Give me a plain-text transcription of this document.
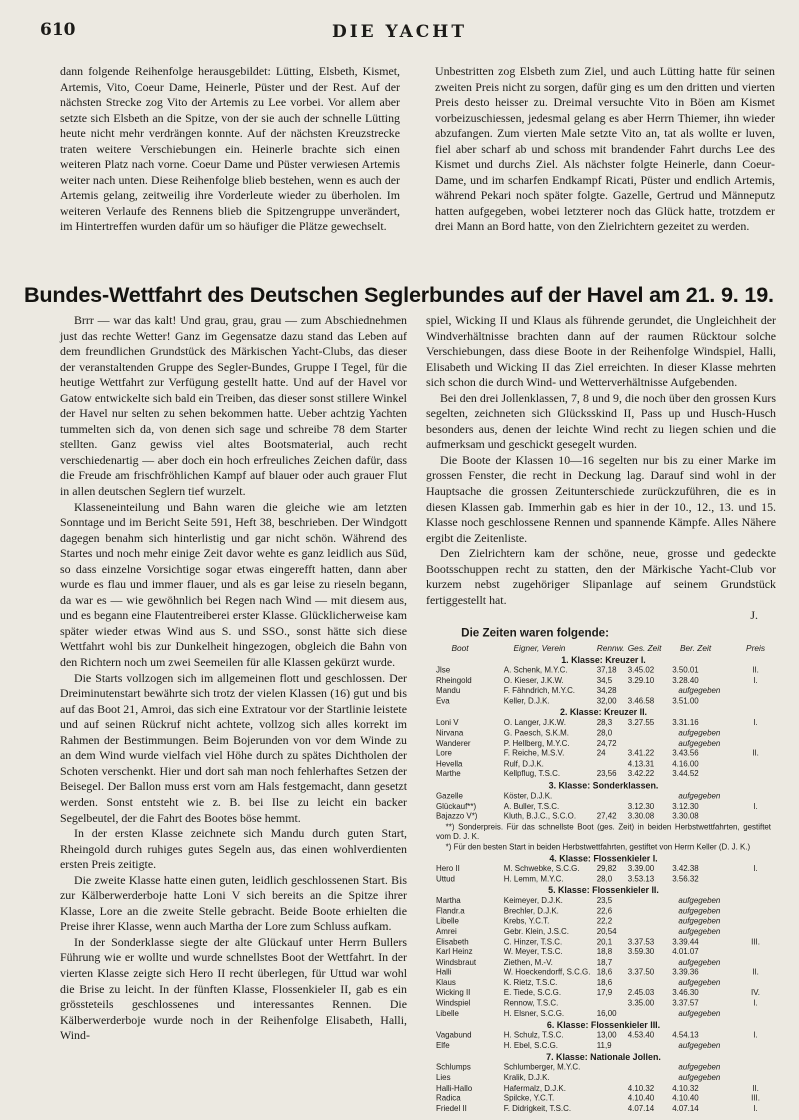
610	DIE YACHT

dann folgende Reihenfolge herausgebildet: Lütting, Elsbeth, Kismet, Artemis, Vito, Coeur Dame, Heinerle, Püster und der Rest. Auf der nächsten Strecke zog Vito der Artemis zu Lee vorbei. Vor allem aber setzte sich Elsbeth an die Spitze, von der sie auch der schnelle Lütting heute nicht mehr verdrängen konnte. Auf der nächsten Kreuzstrecke traten weitere Verschiebungen ein. Heinerle brachte sich einen weiteren Platz nach vorne. Coeur Dame und Püster verwiesen Artemis weiter nach unten. Diese Reihenfolge blieb bestehen, wenn es auch der Artemis gelang, zeitweilig ihre Vorderleute wieder zu überholen. Im weiteren Verlaufe des Rennens blieb die Spitzengruppe unverändert, im Hintertreffen wurden dafür um so häufiger die Plätze gewechselt.

Unbestritten zog Elsbeth zum Ziel, und auch Lütting hatte für seinen zweiten Preis nicht zu sorgen, dafür ging es um den dritten und vierten Preis desto heisser zu. Dreimal versuchte Vito in Böen am Kismet vorbeizuschiessen, jedesmal gelang es aber Herrn Thiemer, ihn wieder abzufangen. Zum vierten Male setzte Vito an, tat als wollte er luven, fiel aber scharf ab und schoss mit brandender Fahrt durchs Lee des Kismet und durchs Ziel. Als nächster folgte Heinerle, dann Coeur-Dame, und im scharfen Endkampf Ricati, Püster und endlich Artemis, während Pekari noch später folgte. Gazelle, Gertrud und Männeputz hatten aufgegeben, wobei letzterer noch das Glück hatte, trotzdem er drei Mann an Bord hatte, von den Zielrichtern gezeitet zu werden.

Bundes-Wettfahrt des Deutschen Seglerbundes auf der Havel am 21. 9. 19.

Brrr — war das kalt! Und grau, grau, grau — zum Abschiednehmen just das rechte Wetter! Ganz im Gegensatze dazu stand das Leben auf dem freundlichen Grundstück des Märkischen Yacht-Clubs, das dieser der veranstaltenden Gruppe des Segler-Bundes, Gruppe I Tegel, für die heutige Wettfahrt zur Verfügung gestellt hatte. Und auf der Havel vor Gatow entwickelte sich bald ein Treiben, das dieser sonst stillere Winkel der Havel nur selten zu sehen bekommen hatte. Ueber achtzig Yachten tummelten sich da, von denen sich sage und schreibe 78 dem Starter stellten. Ganz gewiss viel altes Bootsmaterial, auch recht verschiedenartig — aber doch ein hoch erfreuliches Zeichen dafür, dass die Freude am frischfröhlichen Kampf auf blauer oder auch grauer Flut in allen deutschen Seglern tief wurzelt.

Klasseneinteilung und Bahn waren die gleiche wie am letzten Sonntage und im Bericht Seite 591, Heft 38, beschrieben. Der Windgott dagegen benahm sich hinterlistig und gar nicht schön. Während des Startes und noch mehr einige Zeit davor wehte es ganz leidlich aus Süd, so dass einzelne Vorsichtige sogar etwas eingerefft hatten, dann aber wurde es flau und immer flauer, und als es gar leise zu rieseln begann, da war es — wie gewöhnlich bei Regen nach Wind — mit diesem aus, und es begann eine Flautentreiberei erster Klasse. Glücklicherweise kam später wieder etwas Wind aus S. und SSO., sonst hätte sich diese Wettfahrt wohl bis zur Dunkelheit hingezogen, obgleich die Bahn von den Richtern noch um zwei Seemeilen für alle Klassen gekürzt wurde.

Die Starts vollzogen sich im allgemeinen flott und geschlossen. Der Dreiminutenstart bewährte sich trotz der vielen Klassen (16) gut und bis auf das Boot 21, Amroi, das sich eine Extratour vor der Startlinie leistete und auf seinen Rückruf nicht achtete, vollzog sich alles korrekt im Rahmen der Bestimmungen. Beim Bojerunden von vor dem Winde zu an dem Wind wurde vielfach viel Höhe durch zu spätes Dichtholen der Schoten verschenkt. Hier und dort sah man noch fehlerhaftes Setzen der Beisegel. Der Ballon muss erst vorn am Hals festgemacht, dann gesetzt werden. Sonst entsteht wie z. B. bei Ilse zu leicht ein backer Segelbeutel, der die Fahrt des Bootes böse hemmt.

In der ersten Klasse zeichnete sich Mandu durch guten Start, Rheingold durch ruhiges gutes Segeln aus, das einen wohlverdienten ersten Preis zeitigte.

Die zweite Klasse hatte einen guten, leidlich geschlossenen Start. Bis zur Kälberwerderboje hatte Loni V sich bereits an die Spitze ihrer Klasse, Lore an die zweite Stelle gebracht. Beide Boote erhielten die Preise ihrer Klasse, wenn auch Martha der Lore zum Schluss aufkam.

In der Sonderklasse siegte der alte Glückauf unter Herrn Bullers Führung wie er wollte und wurde schnellstes Boot der Wettfahrt. In der vierten Klasse zeigte sich Hero II recht überlegen, für Uttud war wohl die Brise zu leicht. In der fünften Klasse, Flossenkieler II, gab es ein grössteteils geschlossenes und interessantes Rennen. Die Kälberwerderboje wurde noch in der Reihenfolge Elisabeth, Halli, Wind-

spiel, Wicking II und Klaus als führende gerundet, die Ungleichheit der Windverhältnisse brachten dann auf der raumen Rücktour solche Verschiebungen, dass diese Boote in der Reihenfolge Windspiel, Halli, Elisabeth und Wicking II das Ziel erreichten. In dieser Klasse mehrten sich schon die durch Wind- und Wetterverhältnisse Aufgebenden.

Bei den drei Jollenklassen, 7, 8 und 9, die noch über den grossen Kurs segelten, zeichneten sich Glücksskind II, Pass up und Husch-Husch besonders aus, denen der leichte Wind recht zu liegen schien und die aufmerksam und geschickt gesegelt wurden.

Die Boote der Klassen 10—16 segelten nur bis zu einer Marke im grossen Fenster, die recht in Deckung lag. Darauf sind wohl in der Hauptsache die grossen Zeitunterschiede zurückzuführen, die es in diesen Klassen gab. Immerhin gab es hier in der 10., 12., 13. und 15. Klasse noch geschlossene Rennen und spannende Kämpfe. Alles Nähere ergibt die Zeitenliste.

Den Zielrichtern kam der schöne, neue, grosse und gedeckte Bootsschuppen recht zu statten, den der Märkische Yacht-Club vor kurzem nebst zugehöriger Slipanlage auf seinem Grundstück fertiggestellt hat.

J.

Die Zeiten waren folgende:
Boot	Eigner, Verein	Rennw. Ges. Zeit	Ber. Zeit	Preis
1. Klasse: Kreuzer I.
Jlse	A. Schenk, M.Y.C.	37,18	3.45.02	3.50.01	II.
Rheingold	O. Kieser, J.K.W.	34,5	3.29.10	3.28.40	I.
Mandu	F. Fähndrich, M.Y.C.	34,28	aufgegeben
Eva	Keller, D.J.K.	32,00	3.46.58	3.51.00
2. Klasse: Kreuzer II.
Loni V	O. Langer, J.K.W.	28,3	3.27.55	3.31.16	I.
Nirvana	G. Paesch, S.K.M.	28,0	aufgegeben
Wanderer	P. Hellberg, M.Y.C.	24,72	aufgegeben
Lore	F. Reiche, M.S.V.	24	3.41.22	3.43.56	II.
Hevella	Rulf, D.J.K.	4.13.31	4.16.00
Marthe	Kellpflug, T.S.C.	23,56	3.42.22	3.44.52
3. Klasse: Sonderklassen.
Gazelle	Köster, D.J.K.	aufgegeben
Glückauf**)	A. Buller, T.S.C.	3.12.30	3.12.30	I.
Bajazzo V*)	Kluth, B.J.C., S.C.O.	27,42	3.30.08	3.30.08
**) Sonderpreis. Für das schnellste Boot (ges. Zeit) in beiden Herbstwettfahrten, gestiftet vom D. J. K.
*) Für den besten Start in beiden Herbstwettfahrten, gestiftet von Herrn Keller (D. J. K.)
4. Klasse: Flossenkieler I.
Hero II	M. Schwebke, S.C.G.	29,82	3.39.00	3.42.38	I.
Uttud	H. Lemm, M.Y.C.	28,0	3.53.13	3.56.32
5. Klasse: Flossenkieler II.
Martha	Keimeyer, D.J.K.	23,5	aufgegeben
Flandr.a	Brechler, D.J.K.	22,6	aufgegeben
Libelle	Krebs, Y.C.T.	22,2	aufgegeben
Amrei	Gebr. Klein, J.S.C.	20,54	aufgegeben
Elisabeth	C. Hinzer, T.S.C.	20,1	3.37.53	3.39.44	III.
Karl Heinz	W. Meyer, T.S.C.	18,8	3.59.30	4.01.07
Windsbraut	Ziethen, M.-V.	18,7	aufgegeben
Halli	W. Hoeckendorff, S.C.G. 18,6	3.37.50	3.39.36	II.
Klaus	K. Rietz, T.S.C.	18,6	aufgegeben
Wicking II	E. Tiede, S.C.G.	17,9	2.45.03	3.46.30	IV.
Windspiel	Rennow, T.S.C.	3.35.00	3.37.57	I.
Libelle	H. Elsner, S.C.G.	16,00	aufgegeben
6. Klasse: Flossenkieler III.
Vagabund	H. Schulz, T.S.C.	13,00	4.53.40	4.54.13	I.
Elfe	H. Ebel, S.C.G.	11,9	aufgegeben
7. Klasse: Nationale Jollen.
Schlumps	Schlumberger, M.Y.C.	aufgegeben
Lies	Kralik, D.J.K.	aufgegeben
Halli-Hallo	Hafermalz, D.J.K.	4.10.32	4.10.32	II.
Radica	Spilcke, Y.C.T.	4.10.40	4.10.40	III.
Friedel II	F. Didrigkeit, T.S.C.	4.07.14	4.07.14	I.
